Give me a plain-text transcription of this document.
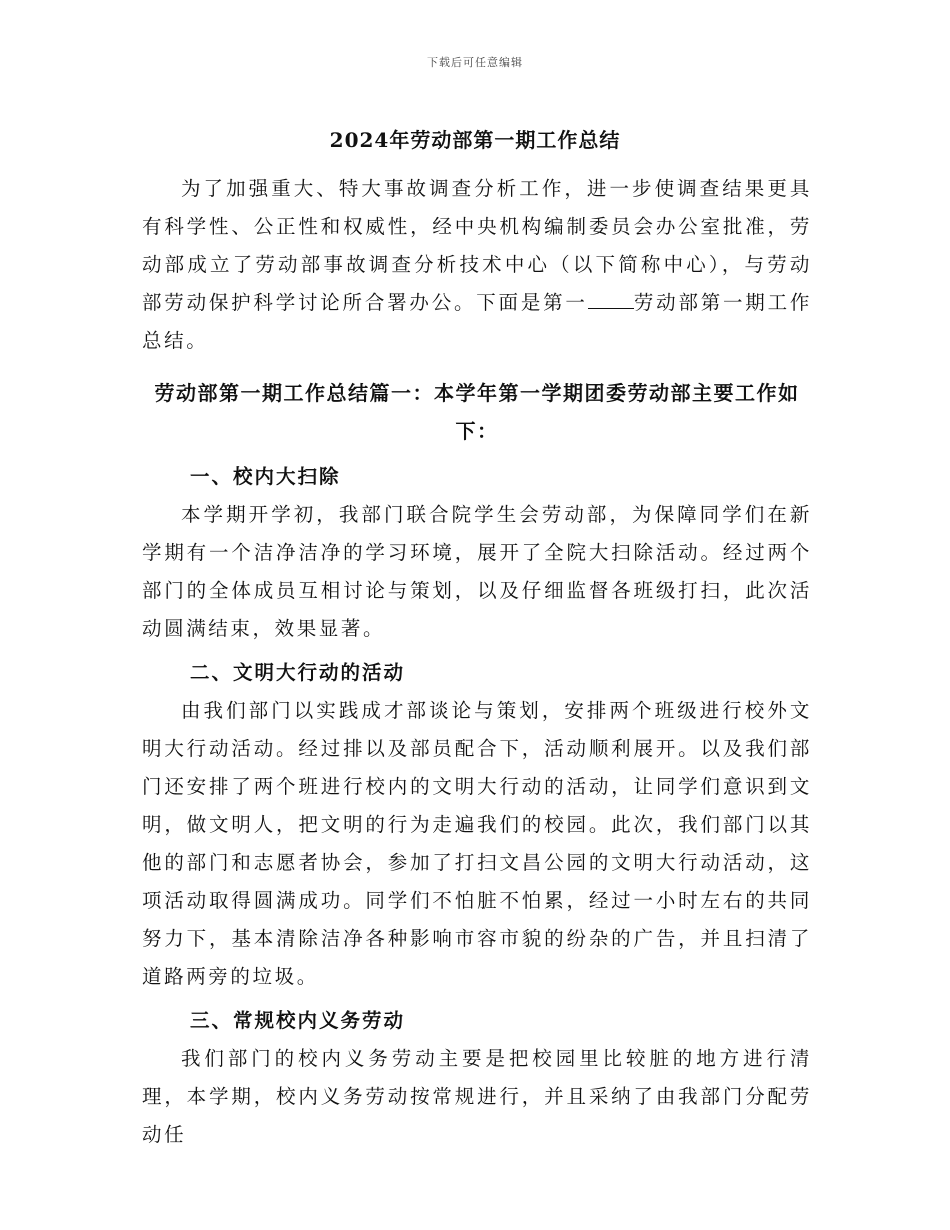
下载后可任意编辑
2024年劳动部第一期工作总结

为了加强重大、特大事故调查分析工作，进一步使调查结果更具有科学性、公正性和权威性，经中央机构编制委员会办公室批准，劳动部成立了劳动部事故调查分析技术中心（以下简称中心），与劳动部劳动保护科学讨论所合署办公。下面是第一 劳动部第一期工作总结。

劳动部第一期工作总结篇一：本学年第一学期团委劳动部主要工作如下：
一、校内大扫除

本学期开学初，我部门联合院学生会劳动部，为保障同学们在新学期有一个洁净洁净的学习环境，展开了全院大扫除活动。经过两个部门的全体成员互相讨论与策划，以及仔细监督各班级打扫，此次活动圆满结束，效果显著。

二、文明大行动的活动

由我们部门以实践成才部谈论与策划，安排两个班级进行校外文明大行动活动。经过排以及部员配合下，活动顺利展开。以及我们部门还安排了两个班进行校内的文明大行动的活动，让同学们意识到文明，做文明人，把文明的行为走遍我们的校园。此次，我们部门以其他的部门和志愿者协会，参加了打扫文昌公园的文明大行动活动，这项活动取得圆满成功。同学们不怕脏不怕累，经过一小时左右的共同努力下，基本清除洁净各种影响市容市貌的纷杂的广告，并且扫清了道路两旁的垃圾。

三、常规校内义务劳动

我们部门的校内义务劳动主要是把校园里比较脏的地方进行清理，本学期，校内义务劳动按常规进行，并且采纳了由我部门分配劳动任
